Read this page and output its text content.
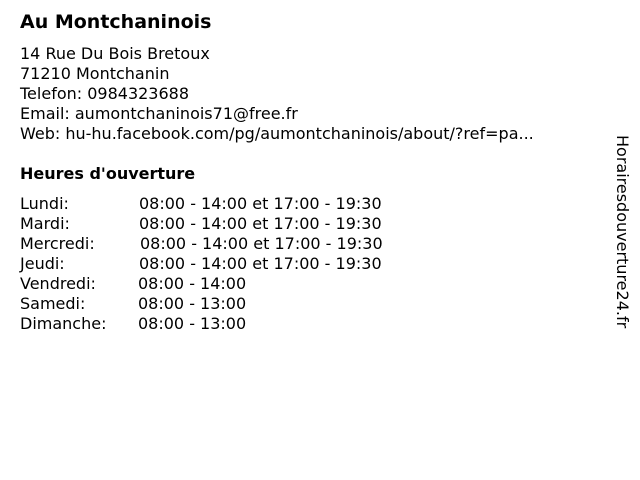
Au Montchaninois
14 Rue Du Bois Bretoux
71210 Montchanin
Telefon: 0984323688
Email: aumontchaninois71@free.fr
Web: hu-hu.facebook.com/pg/aumontchaninois/about/?ref=pa...
Heures d'ouverture
Lundi:	08:00 - 14:00 et 17:00 - 19:30
Mardi:	08:00 - 14:00 et 17:00 - 19:30
Mercredi:	08:00 - 14:00 et 17:00 - 19:30
Jeudi:	08:00 - 14:00 et 17:00 - 19:30
Vendredi:	08:00 - 14:00
Samedi:	08:00 - 13:00
Dimanche: 08:00 - 13:00	Horairesdouverture24.fr
